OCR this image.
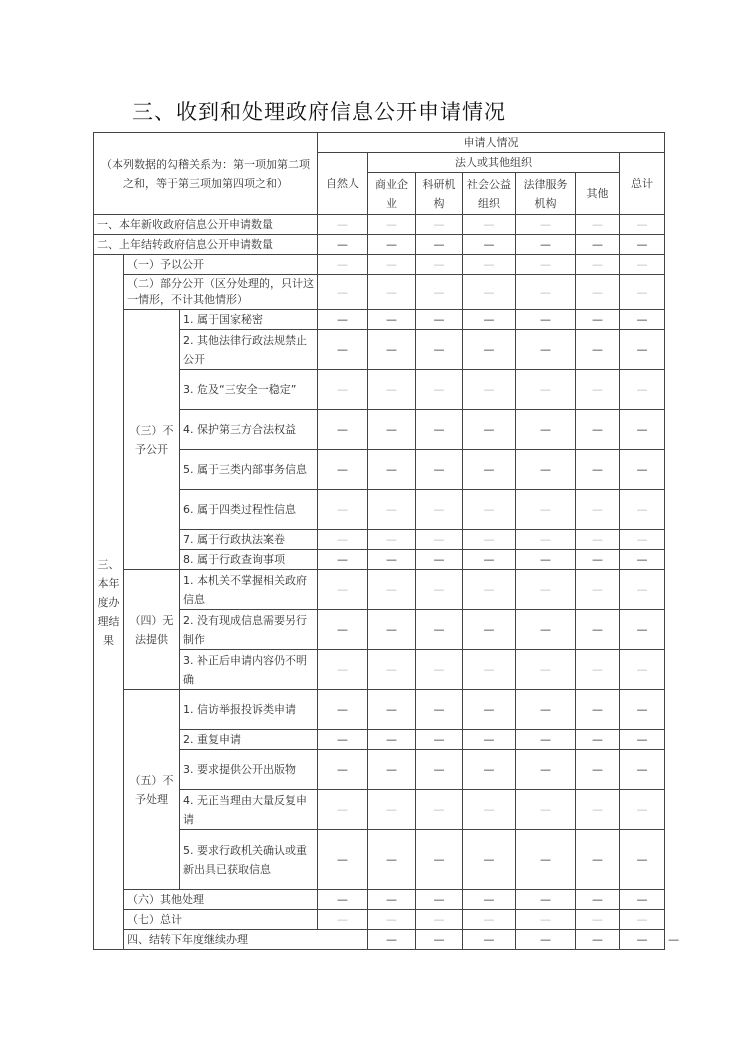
三、收到和处理政府信息公开申请情况
（本列数据的勾稽关系为：第一项加第二项之和，等于第三项加第四项之和）			申请人情况							
			自然人	法人或其他组织					总计	
				商业企业	科研机构	社会公益组织	法律服务机构	其他		
一、本年新收政府信息公开申请数量			—	—	—	—	—	—	—	
二、上年结转政府信息公开申请数量			—	—	—	—	—	—	—	
三、本年度办理结果	（一）予以公开		—	—	—	—	—	—	—	
	（二）部分公开（区分处理的，只计这一情形，不计其他情形）		—	—	—	—	—	—	—	
	（三）不予公开	1. 属于国家秘密	—	—	—	—	—	—	—	
		2. 其他法律行政法规禁止公开	—	—	—	—	—	—	—	
		3. 危及“三安全一稳定”	—	—	—	—	—	—	—	
		4. 保护第三方合法权益	—	—	—	—	—	—	—	
		5. 属于三类内部事务信息	—	—	—	—	—	—	—	
		6. 属于四类过程性信息	—	—	—	—	—	—	—	
		7. 属于行政执法案卷	—	—	—	—	—	—	—	
		8. 属于行政查询事项	—	—	—	—	—	—	—	
	（四）无法提供	1. 本机关不掌握相关政府信息	—	—	—	—	—	—	—	
		2. 没有现成信息需要另行制作	—	—	—	—	—	—	—	
		3. 补正后申请内容仍不明确	—	—	—	—	—	—	—	
	（五）不予处理	1. 信访举报投诉类申请	—	—	—	—	—	—	—	
		2. 重复申请	—	—	—	—	—	—	—	
		3. 要求提供公开出版物	—	—	—	—	—	—	—	
		4. 无正当理由大量反复申请	—	—	—	—	—	—	—	
		5. 要求行政机关确认或重新出具已获取信息	—	—	—	—	—	—	—	
	（六）其他处理		—	—	—	—	—	—	—	
	（七）总计		—	—	—	—	—	—	—	
	四、结转下年度继续办理			—	—	—	—	—	—	—
